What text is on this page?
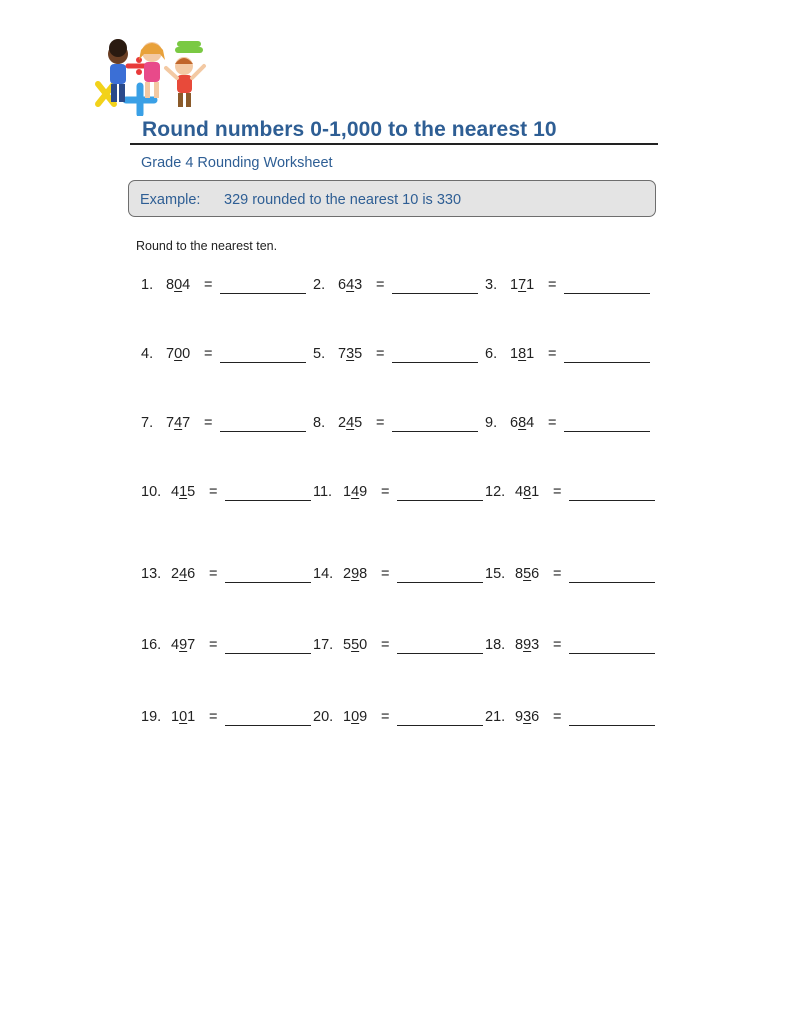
Round numbers 0-1,000 to the nearest 10
Grade 4 Rounding Worksheet
Example: 329 rounded to the nearest 10 is 330
Round to the nearest ten.
1. 804 =	2. 643 =	3. 171 =
4. 700 =	5. 735 =	6. 181 =
7. 747 =	8. 245 =	9. 684 =
10. 415 =	11. 149 =	12. 481 =
13. 246 =	14. 298 =	15. 856 =
16. 497 =	17. 550 =	18. 893 =
19. 101 =	20. 109 =	21. 936 =
